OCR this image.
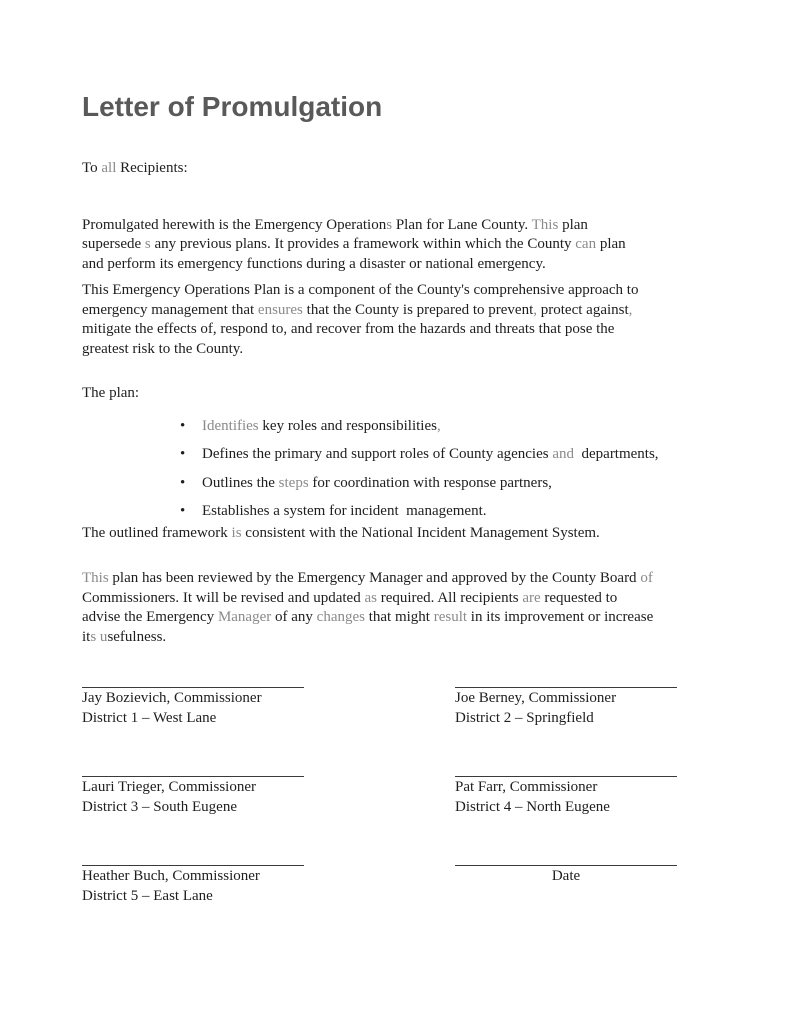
Letter of Promulgation

To all Recipients:

Promulgated herewith is the Emergency Operations Plan for Lane County. This plan
supersede s any previous plans. It provides a framework within which the County can plan
and perform its emergency functions during a disaster or national emergency.

This Emergency Operations Plan is a component of the County's comprehensive approach to
emergency management that ensures that the County is prepared to prevent, protect against,
mitigate the effects of, respond to, and recover from the hazards and threats that pose the
greatest risk to the County.

The plan:

•	Identifies key roles and responsibilities,
•	Defines the primary and support roles of County agencies and  departments,
•	Outlines the steps for coordination with response partners,
•	Establishes a system for incident  management.

The outlined framework is consistent with the National Incident Management System.

This plan has been reviewed by the Emergency Manager and approved by the County Board of
Commissioners. It will be revised and updated as required. All recipients are requested to
advise the Emergency Manager of any changes that might result in its improvement or increase
its usefulness.

Jay Bozievich, Commissioner

District 1 – West Lane

Joe Berney, Commissioner

District 2 – Springfield

Lauri Trieger, Commissioner

District 3 – South Eugene

Pat Farr, Commissioner

District 4 – North Eugene

Heather Buch, Commissioner

District 5 – East Lane

Date
